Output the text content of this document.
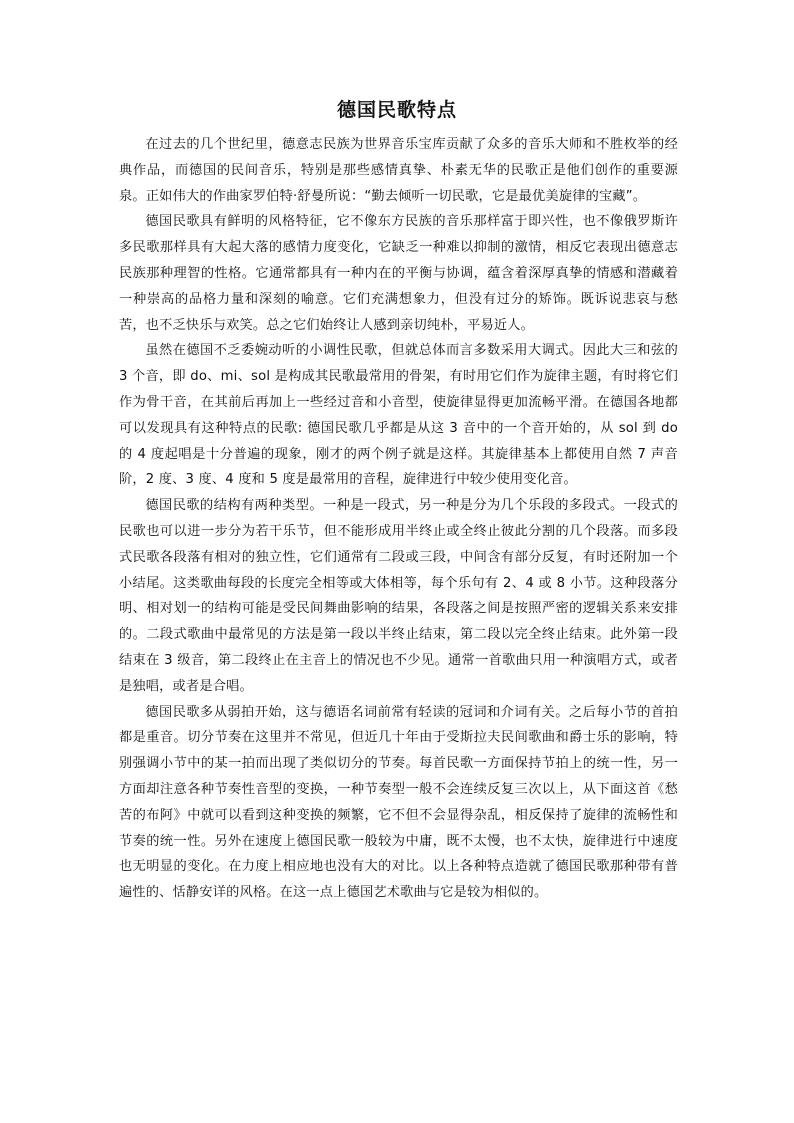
德国民歌特点

在过去的几个世纪里，德意志民族为世界音乐宝库贡献了众多的音乐大师和不胜枚举的经典作品，而德国的民间音乐，特别是那些感情真挚、朴素无华的民歌正是他们创作的重要源泉。正如伟大的作曲家罗伯特·舒曼所说：“勤去倾听一切民歌，它是最优美旋律的宝藏”。

德国民歌具有鲜明的风格特征，它不像东方民族的音乐那样富于即兴性，也不像俄罗斯许多民歌那样具有大起大落的感情力度变化，它缺乏一种难以抑制的激情，相反它表现出德意志民族那种理智的性格。它通常都具有一种内在的平衡与协调，蕴含着深厚真挚的情感和潜藏着一种崇高的品格力量和深刻的喻意。它们充满想象力，但没有过分的矫饰。既诉说悲哀与愁苦，也不乏快乐与欢笑。总之它们始终让人感到亲切纯朴，平易近人。

虽然在德国不乏委婉动听的小调性民歌，但就总体而言多数采用大调式。因此大三和弦的 3 个音，即 do、mi、sol 是构成其民歌最常用的骨架，有时用它们作为旋律主题，有时将它们作为骨干音，在其前后再加上一些经过音和小音型，使旋律显得更加流畅平滑。在德国各地都可以发现具有这种特点的民歌: 德国民歌几乎都是从这 3 音中的一个音开始的，从 sol 到 do 的 4 度起唱是十分普遍的现象，刚才的两个例子就是这样。其旋律基本上都使用自然 7 声音阶，2 度、3 度、4 度和 5 度是最常用的音程，旋律进行中较少使用变化音。

德国民歌的结构有两种类型。一种是一段式，另一种是分为几个乐段的多段式。一段式的民歌也可以进一步分为若干乐节，但不能形成用半终止或全终止彼此分割的几个段落。而多段式民歌各段落有相对的独立性，它们通常有二段或三段，中间含有部分反复，有时还附加一个小结尾。这类歌曲每段的长度完全相等或大体相等，每个乐句有 2、4 或 8 小节。这种段落分明、相对划一的结构可能是受民间舞曲影响的结果，各段落之间是按照严密的逻辑关系来安排的。二段式歌曲中最常见的方法是第一段以半终止结束，第二段以完全终止结束。此外第一段结束在 3 级音，第二段终止在主音上的情况也不少见。通常一首歌曲只用一种演唱方式，或者是独唱，或者是合唱。

德国民歌多从弱拍开始，这与德语名词前常有轻读的冠词和介词有关。之后每小节的首拍都是重音。切分节奏在这里并不常见，但近几十年由于受斯拉夫民间歌曲和爵士乐的影响，特别强调小节中的某一拍而出现了类似切分的节奏。每首民歌一方面保持节拍上的统一性，另一方面却注意各种节奏性音型的变换，一种节奏型一般不会连续反复三次以上，从下面这首《愁苦的布阿》中就可以看到这种变换的频繁，它不但不会显得杂乱，相反保持了旋律的流畅性和节奏的统一性。另外在速度上德国民歌一般较为中庸，既不太慢，也不太快，旋律进行中速度也无明显的变化。在力度上相应地也没有大的对比。以上各种特点造就了德国民歌那种带有普遍性的、恬静安详的风格。在这一点上德国艺术歌曲与它是较为相似的。
